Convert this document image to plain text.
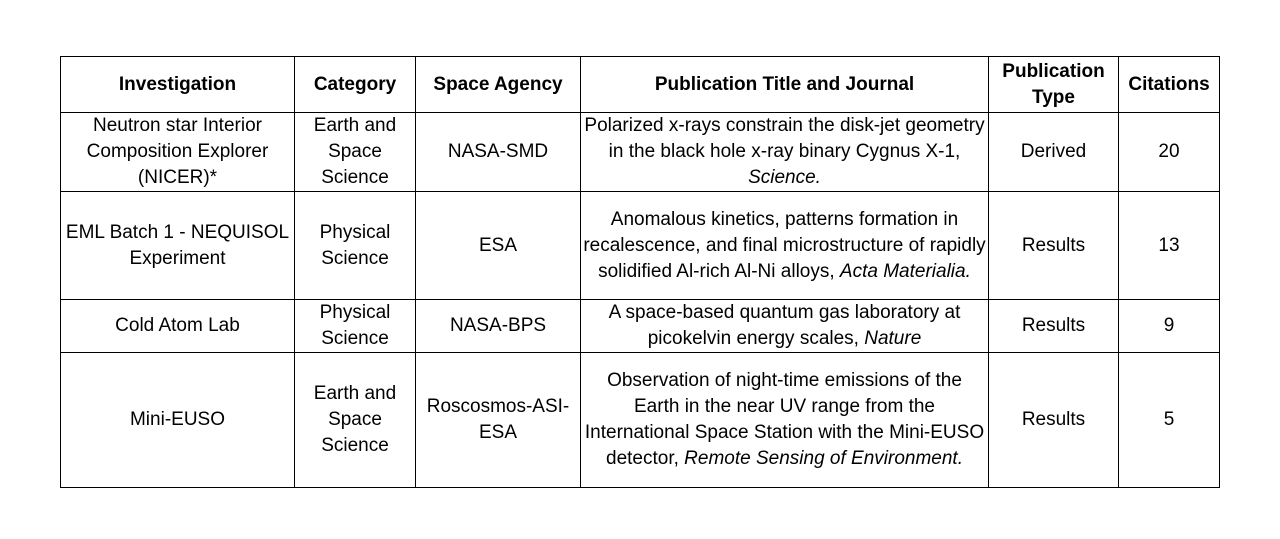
Investigation	Category	Space Agency	Publication Title and Journal	Publication Type	Citations
Neutron star Interior Composition Explorer (NICER)*	Earth and Space Science	NASA-SMD	Polarized x-rays constrain the disk-jet geometry in the black hole x-ray binary Cygnus X-1, Science.	Derived	20
EML Batch 1 - NEQUISOL Experiment	Physical Science	ESA	Anomalous kinetics, patterns formation in recalescence, and final microstructure of rapidly solidified Al-rich Al-Ni alloys, Acta Materialia.	Results	13
Cold Atom Lab	Physical Science	NASA-BPS	A space-based quantum gas laboratory at picokelvin energy scales, Nature	Results	9
Mini-EUSO	Earth and Space Science	Roscosmos-ASI-ESA	Observation of night-time emissions of the Earth in the near UV range from the International Space Station with the Mini-EUSO detector, Remote Sensing of Environment.	Results	5
